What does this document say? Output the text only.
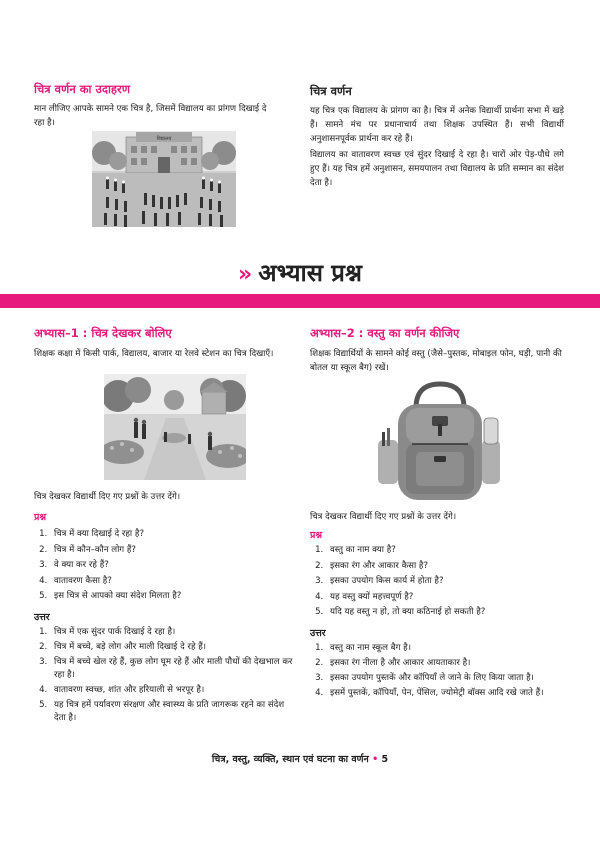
चित्र वर्णन का उदाहरण
मान लीजिए आपके सामने एक चित्र है, जिसमें विद्यालय का प्रांगण दिखाई दे रहा है।
विद्यालय
चित्र वर्णन

यह चित्र एक विद्यालय के प्रांगण का है। चित्र में अनेक विद्यार्थी प्रार्थना सभा में खड़े हैं। सामने मंच पर प्रधानाचार्य तथा शिक्षक उपस्थित हैं। सभी विद्यार्थी अनुशासनपूर्वक प्रार्थना कर रहे हैं।

विद्यालय का वातावरण स्वच्छ एवं सुंदर दिखाई दे रहा है। चारों ओर पेड़-पौधे लगे हुए हैं। यह चित्र हमें अनुशासन, समयपालन तथा विद्यालय के प्रति सम्मान का संदेश देता है।

» अभ्यास प्रश्न
अभ्यास–1 : चित्र देखकर बोलिए
शिक्षक कक्षा में किसी पार्क, विद्यालय, बाजार या रेलवे स्टेशन का चित्र दिखाएँ।
चित्र देखकर विद्यार्थी दिए गए प्रश्नों के उत्तर देंगे।
प्रश्न
1. चित्र में क्या दिखाई दे रहा है?
2. चित्र में कौन–कौन लोग हैं?
3. वे क्या कर रहे हैं?
4. वातावरण कैसा है?
5. इस चित्र से आपको क्या संदेश मिलता है?
उत्तर
1. चित्र में एक सुंदर पार्क दिखाई दे रहा है।
2. चित्र में बच्चे, बड़े लोग और माली दिखाई दे रहे हैं।
3. चित्र में बच्चे खेल रहे हैं, कुछ लोग घूम रहे हैं और माली पौधों की देखभाल कर रहा है।
4. वातावरण स्वच्छ, शांत और हरियाली से भरपूर है।
5. यह चित्र हमें पर्यावरण संरक्षण और स्वास्थ्य के प्रति जागरूक रहने का संदेश देता है।
अभ्यास–2 : वस्तु का वर्णन कीजिए
शिक्षक विद्यार्थियों के सामने कोई वस्तु (जैसे–पुस्तक, मोबाइल फोन, घड़ी, पानी की बोतल या स्कूल बैग) रखें।
चित्र देखकर विद्यार्थी दिए गए प्रश्नों के उत्तर देंगे।
प्रश्न
1. वस्तु का नाम क्या है?
2. इसका रंग और आकार कैसा है?
3. इसका उपयोग किस कार्य में होता है?
4. यह वस्तु क्यों महत्त्वपूर्ण है?
5. यदि यह वस्तु न हो, तो क्या कठिनाई हो सकती है?
उत्तर
1. वस्तु का नाम स्कूल बैग है।
2. इसका रंग नीला है और आकार आयताकार है।
3. इसका उपयोग पुस्तकें और कॉपियाँ ले जाने के लिए किया जाता है।
4. इसमें पुस्तकें, कॉपियाँ, पेन, पेंसिल, ज्योमेट्री बॉक्स आदि रखे जाते हैं।
चित्र, वस्तु, व्यक्ति, स्थान एवं घटना का वर्णन • 5
